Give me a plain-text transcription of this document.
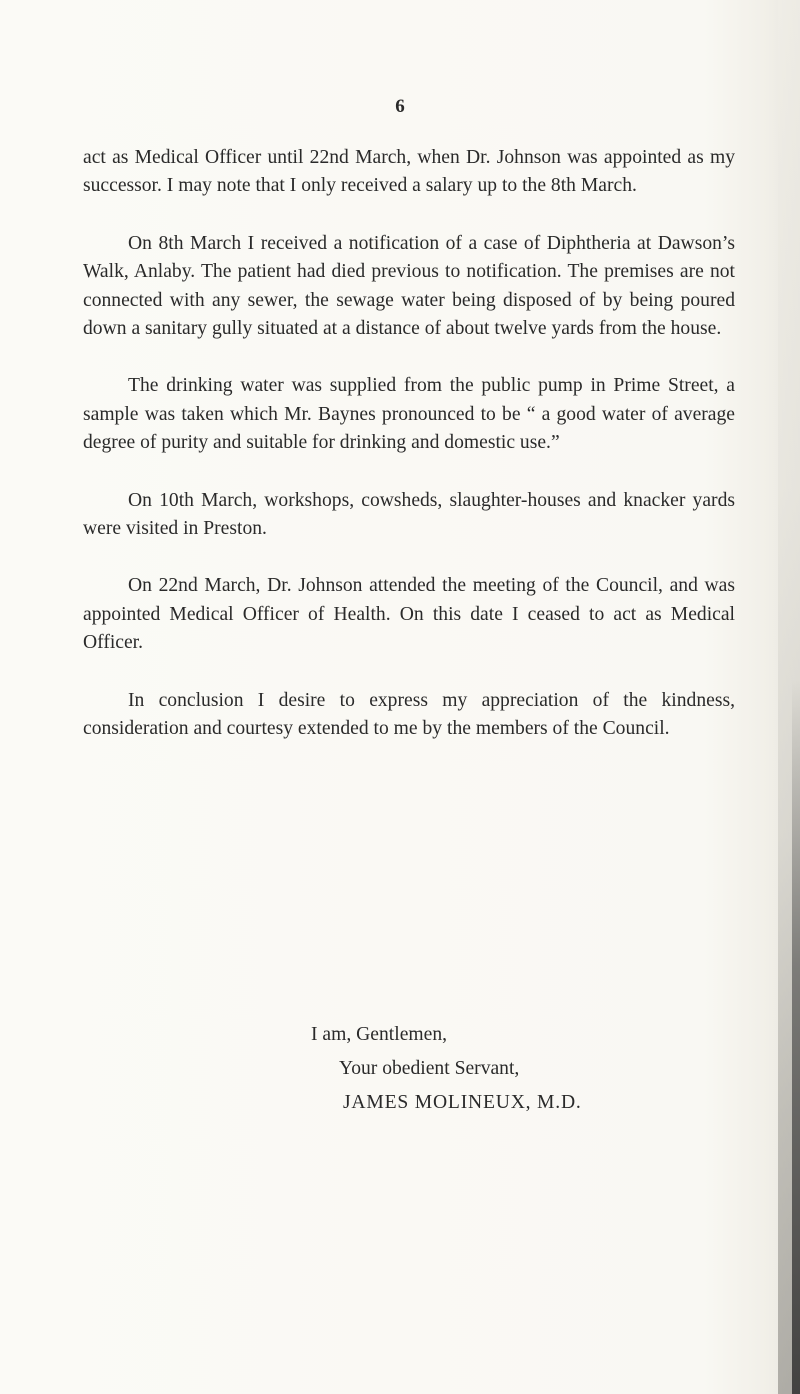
6

act as Medical Officer until 22nd March, when Dr. Johnson was appointed as my successor. I may note that I only received a salary up to the 8th March.

On 8th March I received a notification of a case of Diphtheria at Dawson’s Walk, Anlaby. The patient had died previous to notification. The premises are not connected with any sewer, the sewage water being disposed of by being poured down a sanitary gully situated at a distance of about twelve yards from the house.

The drinking water was supplied from the public pump in Prime Street, a sample was taken which Mr. Baynes pronounced to be “ a good water of average degree of purity and suitable for drinking and domestic use.”

On 10th March, workshops, cowsheds, slaughter-houses and knacker yards were visited in Preston.

On 22nd March, Dr. Johnson attended the meeting of the Council, and was appointed Medical Officer of Health. On this date I ceased to act as Medical Officer.

In conclusion I desire to express my appreciation of the kindness, consideration and courtesy extended to me by the members of the Council.

I am, Gentlemen,
Your obedient Servant,
JAMES MOLINEUX, M.D.
